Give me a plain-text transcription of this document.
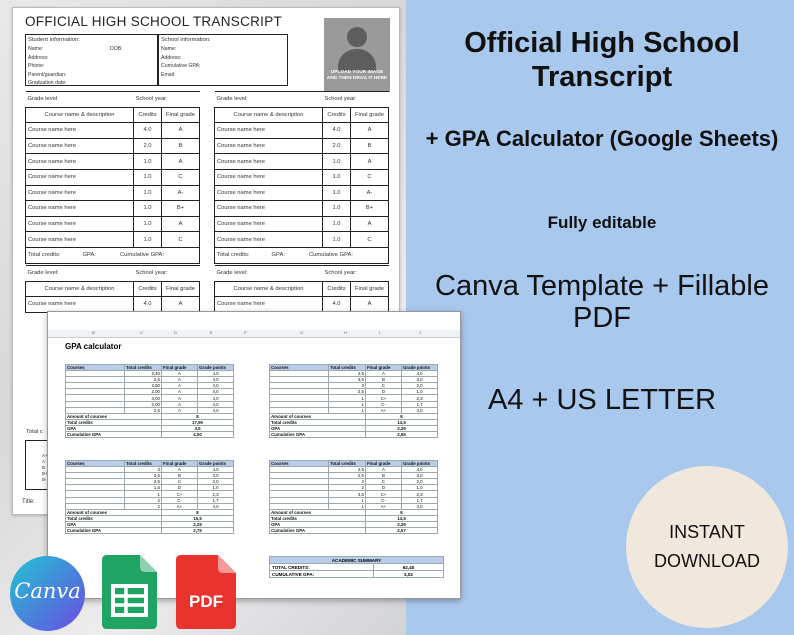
OFFICIAL HIGH SCHOOL TRANSCRIPT
Student information:
Name:
Address:
Phone:
Parent/guardian:
Graduation date:
DOB:
School information:
Name:
Address:
Cumulative GPA:
Email:	UPLOAD YOUR IMAGE AND THEN DRAG IT HERE
Grade level:	School year:	
Course name & description	Credits	Final grade
Course name here	4.0	A
Course name here	2.0	B
Course name here	1.0	A
Course name here	1.0	C
Course name here	1.0	A-
Course name here	1.0	B+
Course name here	1.0	A
Course name here	1.0	C
Total credits: GPA: Cumulative GPA:		
Grade level:	School year:	
Course name & description	Credits	Final grade
Course name here	4.0	A
Course name here	2.0	B
Course name here	1.0	A
Course name here	1.0	C
Course name here	1.0	A-
Course name here	1.0	B+
Course name here	1.0	A
Course name here	1.0	C
Total credits: GPA: Cumulative GPA:		
Grade level:	School year:	
Course name & description	Credits	Final grade
Course name here	4.0	A
Grade level:	School year:	
Course name & description	Credits	Final grade
Course name here	4.0	A
Total c
A+
A
B
B+
B-
Title:
B	C	D	E	F	G	H	I	J
GPA calculator
Courses	Total credits	Final grade	Grade points
	2,40	A	4,0
	2,5	A	4,0
	3,50	A	4,0
	2,00	A	4,0
	3,00	A	4,0
	2,00	A	4,0
	2,5	A	4,0
Amount of courses		8	
Total credits		17,90	
GPA		3,5	
Cumulative GPA		4,00	
Courses	Total credits	Final grade	Grade points
	2,5	A	4,0
	3,5	B	3,0
	3	C	2,0
	2,5	D	1,0
	1	C+	2,3
	1	C-	1,7
	1	A+	4,0
Amount of courses		8	
Total credits		14,5	
GPA		2,25	
Cumulative GPA		2,55	
Courses	Total credits	Final grade	Grade points
	3	A	4,0
	3,5	B	3,0
	2,5	C	2,0
	1,5	D	1,0
	1	C+	2,3
	2	C-	1,7
	2	A+	4,0
Amount of courses		8	
Total credits		15,5	
GPA		2,25	
Cumulative GPA		2,75	
Courses	Total credits	Final grade	Grade points
	2,5	A	4,0
	2,5	B	3,0
	2	C	2,0
	2	D	1,0
	3,5	C+	2,3
	1	C-	1,7
	1	A+	4,0
Amount of courses		8	
Total credits		14,5	
GPA		2,25	
Cumulative GPA		2,57	
ACADEMIC SUMMARY	
TOTAL CREDITS:	62,40
CUMULATIVE GPA:	3,02
Official High School Transcript
+ GPA Calculator (Google Sheets)
Fully editable
Canva Template + Fillable PDF
A4 + US LETTER
INSTANT DOWNLOAD
Canva	PDF
